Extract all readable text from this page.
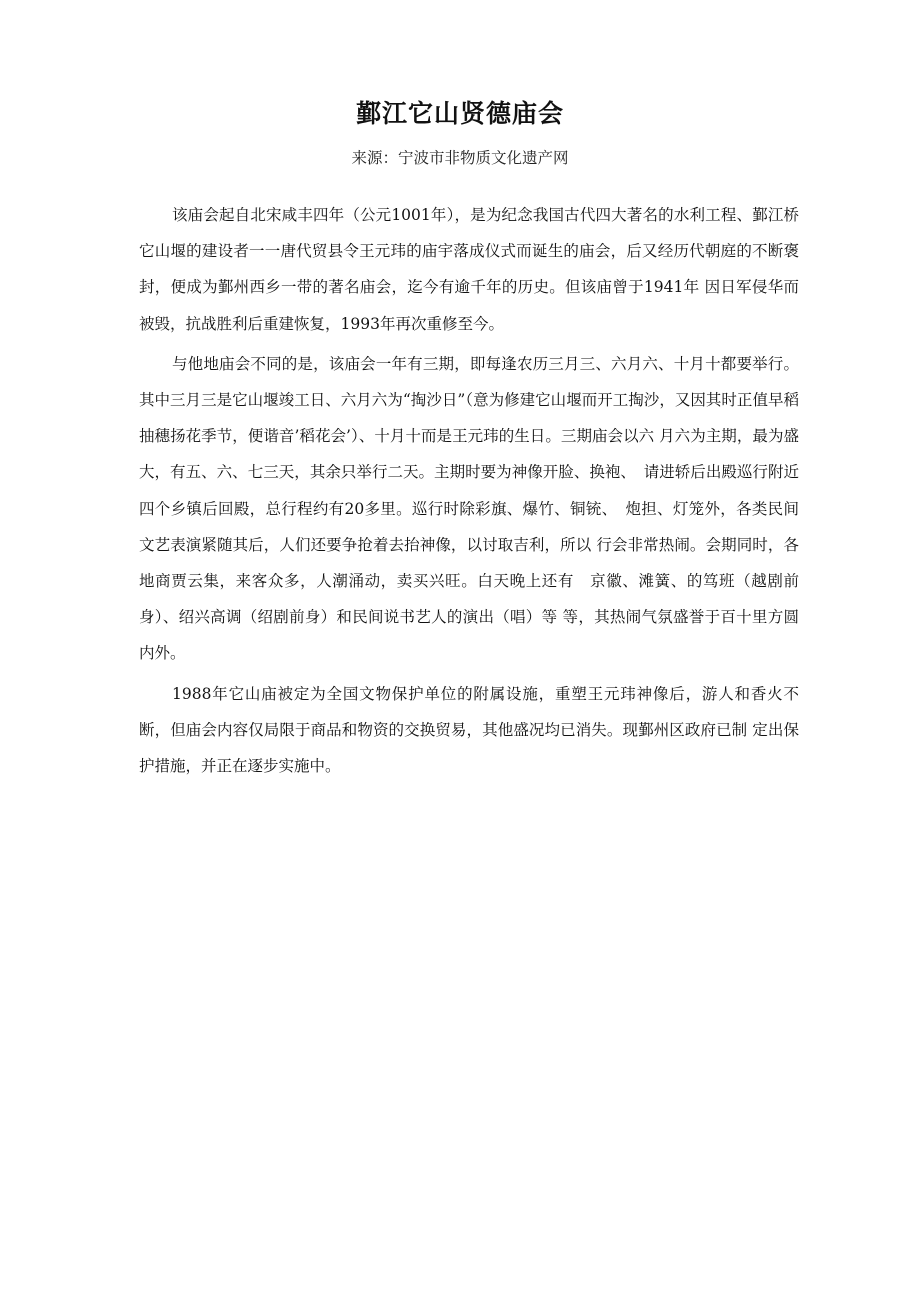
鄞江它山贤德庙会

来源：宁波市非物质文化遗产网

该庙会起自北宋咸丰四年（公元1001年），是为纪念我国古代四大著名的水利工程、鄞江桥它山堰的建设者一一唐代贸县令王元玮的庙宇落成仪式而诞生的庙会，后又经历代朝庭的不断褒封，便成为鄞州西乡一带的著名庙会，迄今有逾千年的历史。但该庙曾于1941年 因日军侵华而被毁，抗战胜利后重建恢复，1993年再次重修至今。

与他地庙会不同的是，该庙会一年有三期，即每逢农历三月三、六月六、十月十都要举行。其中三月三是它山堰竣工日、六月六为“掏沙日”（意为修建它山堰而开工掏沙，又因其时正值早稻抽穗扬花季节，便谐音’稻花会’）、十月十而是王元玮的生日。三期庙会以六 月六为主期，最为盛大，有五、六、七三天，其余只举行二天。主期时要为神像开脸、换袍、　请进轿后出殿巡行附近四个乡镇后回殿，总行程约有20多里。巡行时除彩旗、爆竹、铜铳、　炮担、灯笼外，各类民间文艺表演紧随其后，人们还要争抢着去抬神像，以讨取吉利，所以 行会非常热闹。会期同时，各地商贾云集，来客众多，人潮涌动，卖买兴旺。白天晚上还有　京徽、滩簧、的笃班（越剧前身）、绍兴高调（绍剧前身）和民间说书艺人的演出（唱）等 等，其热闹气氛盛誉于百十里方圆内外。

1988年它山庙被定为全国文物保护单位的附属设施，重塑王元玮神像后，游人和香火不断，但庙会内容仅局限于商品和物资的交换贸易，其他盛况均已消失。现鄞州区政府已制 定出保护措施，并正在逐步实施中。
